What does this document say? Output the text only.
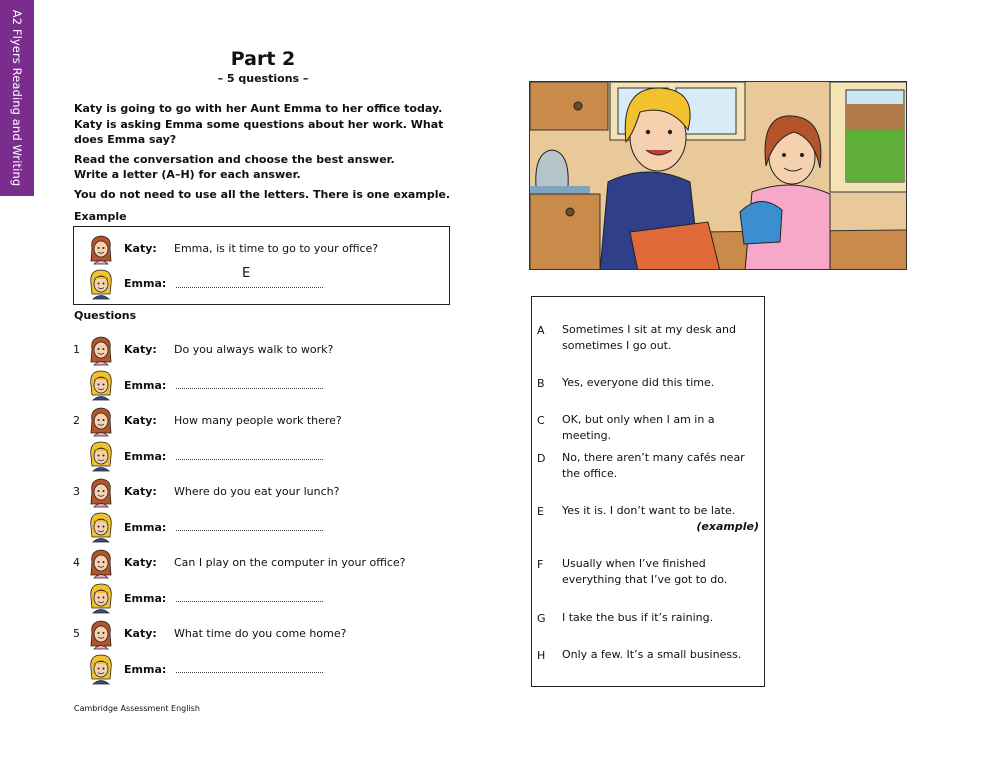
A2 Flyers Reading and Writing	Part 2
– 5 questions –
Katy is going to go with her Aunt Emma to her office today. Katy is asking Emma some questions about her work. What does Emma say?
Read the conversation and choose the best answer.
Write a letter (A–H) for each answer.
You do not need to use all the letters. There is one example.
Example
Katy: Emma, is it time to go to your office?
Emma:
E
Questions
1	Katy: Do you always walk to work?
Emma:
2	Katy: How many people work there?
Emma:
3	Katy: Where do you eat your lunch?
Emma:
4	Katy: Can I play on the computer in your office?
Emma:
5	Katy: What time do you come home?
Emma:
A Sometimes I sit at my desk and sometimes I go out.
B Yes, everyone did this time.
C OK, but only when I am in a meeting.
D No, there aren’t many cafés near the office.
E Yes it is. I don’t want to be late.
(example)
F Usually when I’ve finished everything that I’ve got to do.
G I take the bus if it’s raining.
H Only a few. It’s a small business.
Cambridge Assessment English
